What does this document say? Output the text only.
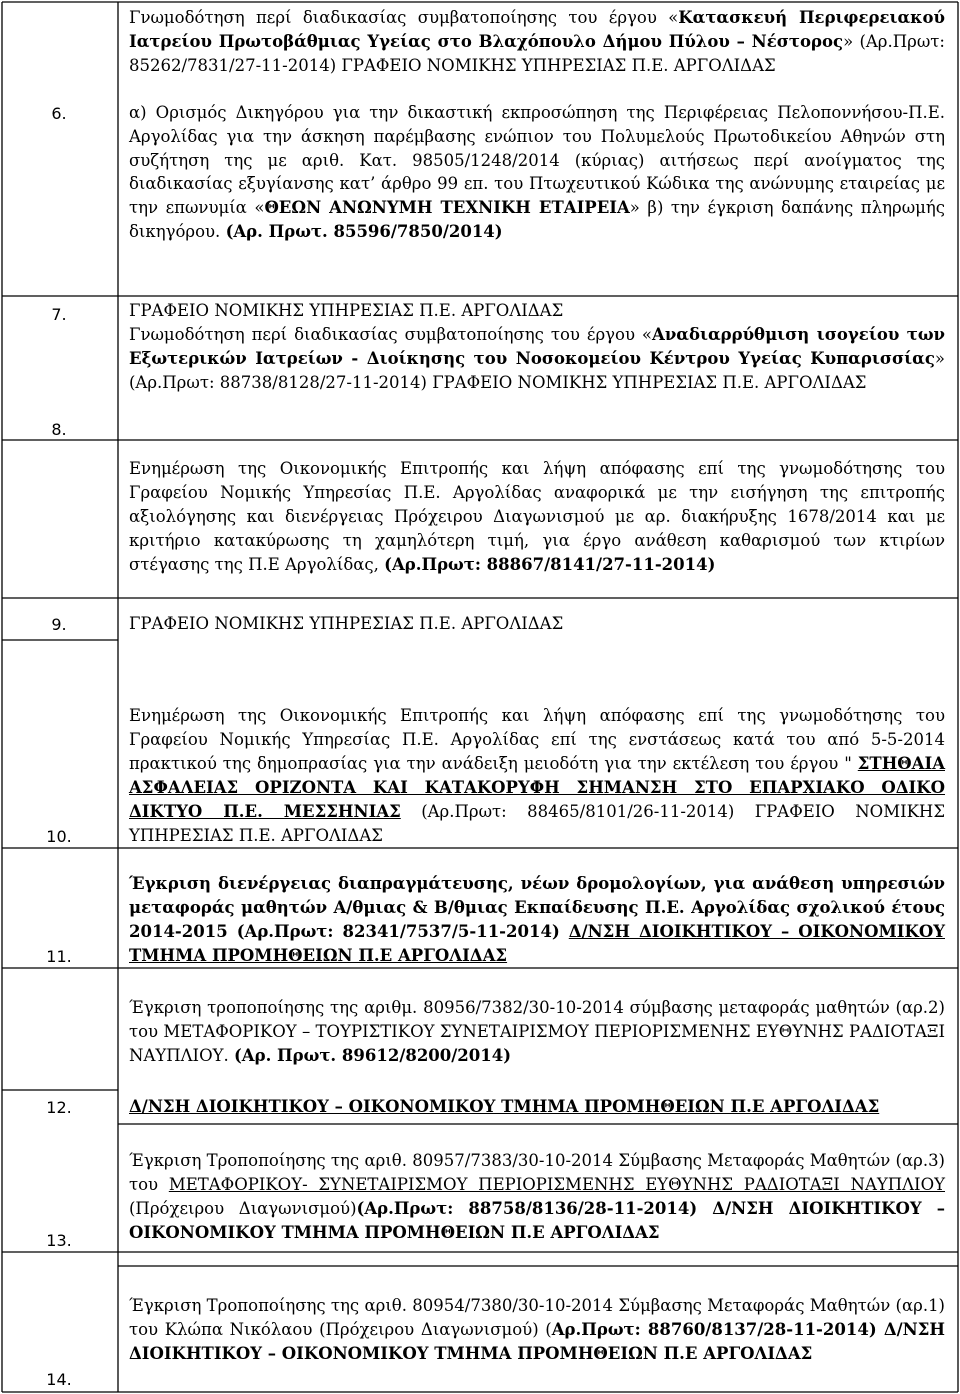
6.
7.
8.
9.
10.
11.
12.
13.
14.

Γνωμοδότηση περί διαδικασίας συμβατοποίησης του έργου «Κατασκευή Περιφερειακού Ιατρείου Πρωτοβάθμιας Υγείας στο Βλαχόπουλο Δήμου Πύλου – Νέστορος» (Αρ.Πρωτ: 85262/7831/27-11-2014) ΓΡΑΦΕΙΟ ΝΟΜΙΚΗΣ ΥΠΗΡΕΣΙΑΣ Π.Ε. ΑΡΓΟΛΙΔΑΣ

α) Ορισμός Δικηγόρου για την δικαστική εκπροσώπηση της Περιφέρειας Πελοποννήσου-Π.Ε. Αργολίδας για την άσκηση παρέμβασης ενώπιον του Πολυμελούς Πρωτοδικείου Αθηνών στη συζήτηση της με αριθ. Κατ. 98505/1248/2014 (κύριας) αιτήσεως περί ανοίγματος της διαδικασίας εξυγίανσης κατ’ άρθρο 99 επ. του Πτωχευτικού Κώδικα της ανώνυμης εταιρείας με την επωνυμία «ΘΕΩΝ ΑΝΩΝΥΜΗ ΤΕΧΝΙΚΗ ΕΤΑΙΡΕΙΑ» β) την έγκριση δαπάνης πληρωμής δικηγόρου. (Αρ. Πρωτ. 85596/7850/2014)

ΓΡΑΦΕΙΟ ΝΟΜΙΚΗΣ ΥΠΗΡΕΣΙΑΣ Π.Ε. ΑΡΓΟΛΙΔΑΣ

Γνωμοδότηση περί διαδικασίας συμβατοποίησης του έργου «Αναδιαρρύθμιση ισογείου των Εξωτερικών Ιατρείων - Διοίκησης του Νοσοκομείου Κέντρου Υγείας Κυπαρισσίας» (Αρ.Πρωτ: 88738/8128/27-11-2014) ΓΡΑΦΕΙΟ ΝΟΜΙΚΗΣ ΥΠΗΡΕΣΙΑΣ Π.Ε. ΑΡΓΟΛΙΔΑΣ

Ενημέρωση της Οικονομικής Επιτροπής και λήψη απόφασης επί της γνωμοδότησης του Γραφείου Νομικής Υπηρεσίας Π.Ε. Αργολίδας αναφορικά με την εισήγηση της επιτροπής αξιολόγησης και διενέργειας Πρόχειρου Διαγωνισμού με αρ. διακήρυξης 1678/2014 και με κριτήριο κατακύρωσης τη χαμηλότερη τιμή, για έργο ανάθεση καθαρισμού των κτιρίων στέγασης της Π.Ε Αργολίδας, (Αρ.Πρωτ: 88867/8141/27-11-2014)

ΓΡΑΦΕΙΟ ΝΟΜΙΚΗΣ ΥΠΗΡΕΣΙΑΣ Π.Ε. ΑΡΓΟΛΙΔΑΣ

Ενημέρωση της Οικονομικής Επιτροπής και λήψη απόφασης επί της γνωμοδότησης του Γραφείου Νομικής Υπηρεσίας Π.Ε. Αργολίδας επί της ενστάσεως κατά του από 5-5-2014 πρακτικού της δημοπρασίας για την ανάδειξη μειοδότη για την εκτέλεση του έργου " ΣΤΗΘΑΙΑ ΑΣΦΑΛΕΙΑΣ ΟΡΙΖΟΝΤΑ ΚΑΙ ΚΑΤΑΚΟΡΥΦΗ ΣΗΜΑΝΣΗ ΣΤΟ ΕΠΑΡΧΙΑΚΟ ΟΔΙΚΟ ΔΙΚΤΥΟ Π.Ε. ΜΕΣΣΗΝΙΑΣ (Αρ.Πρωτ: 88465/8101/26-11-2014) ΓΡΑΦΕΙΟ ΝΟΜΙΚΗΣ ΥΠΗΡΕΣΙΑΣ Π.Ε. ΑΡΓΟΛΙΔΑΣ

Έγκριση διενέργειας διαπραγμάτευσης, νέων δρομολογίων, για ανάθεση υπηρεσιών μεταφοράς μαθητών Α/θμιας & Β/θμιας Εκπαίδευσης Π.Ε. Αργολίδας σχολικού έτους 2014-2015 (Αρ.Πρωτ: 82341/7537/5-11-2014) Δ/ΝΣΗ ΔΙΟΙΚΗΤΙΚΟΥ – ΟΙΚΟΝΟΜΙΚΟΥ ΤΜΗΜΑ ΠΡΟΜΗΘΕΙΩΝ Π.Ε ΑΡΓΟΛΙΔΑΣ

Έγκριση τροποποίησης της αριθμ. 80956/7382/30-10-2014 σύμβασης μεταφοράς μαθητών (αρ.2) του ΜΕΤΑΦΟΡΙΚΟΥ – ΤΟΥΡΙΣΤΙΚΟΥ ΣΥΝΕΤΑΙΡΙΣΜΟΥ ΠΕΡΙΟΡΙΣΜΕΝΗΣ ΕΥΘΥΝΗΣ ΡΑΔΙΟΤΑΞΙ ΝΑΥΠΛΙΟΥ. (Αρ. Πρωτ. 89612/8200/2014)

Δ/ΝΣΗ ΔΙΟΙΚΗΤΙΚΟΥ – ΟΙΚΟΝΟΜΙΚΟΥ ΤΜΗΜΑ ΠΡΟΜΗΘΕΙΩΝ Π.Ε ΑΡΓΟΛΙΔΑΣ

Έγκριση Τροποποίησης της αριθ. 80957/7383/30-10-2014 Σύμβασης Μεταφοράς Μαθητών (αρ.3) του ΜΕΤΑΦΟΡΙΚΟΥ- ΣΥΝΕΤΑΙΡΙΣΜΟΥ ΠΕΡΙΟΡΙΣΜΕΝΗΣ ΕΥΘΥΝΗΣ ΡΑΔΙΟΤΑΞΙ ΝΑΥΠΛΙΟΥ (Πρόχειρου Διαγωνισμού)(Αρ.Πρωτ: 88758/8136/28-11-2014) Δ/ΝΣΗ ΔΙΟΙΚΗΤΙΚΟΥ – ΟΙΚΟΝΟΜΙΚΟΥ ΤΜΗΜΑ ΠΡΟΜΗΘΕΙΩΝ Π.Ε ΑΡΓΟΛΙΔΑΣ

Έγκριση Τροποποίησης της αριθ. 80954/7380/30-10-2014 Σύμβασης Μεταφοράς Μαθητών (αρ.1) του Κλώπα Νικόλαου (Πρόχειρου Διαγωνισμού) (Αρ.Πρωτ: 88760/8137/28-11-2014) Δ/ΝΣΗ ΔΙΟΙΚΗΤΙΚΟΥ – ΟΙΚΟΝΟΜΙΚΟΥ ΤΜΗΜΑ ΠΡΟΜΗΘΕΙΩΝ Π.Ε ΑΡΓΟΛΙΔΑΣ
